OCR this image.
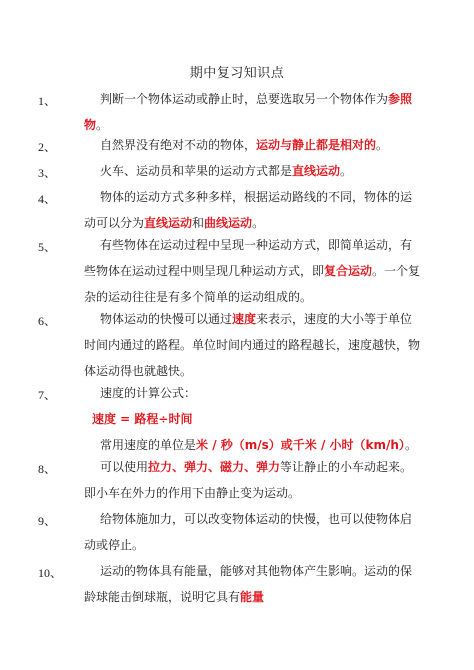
期中复习知识点
1、	判断一个物体运动或静止时，总要选取另一个物体作为参照
物。
2、	自然界没有绝对不动的物体，运动与静止都是相对的。
3、	火车、运动员和苹果的运动方式都是直线运动。
4、	物体的运动方式多种多样，根据运动路线的不同，物体的运
动可以分为直线运动和曲线运动。
5、	有些物体在运动过程中呈现一种运动方式，即简单运动，有
些物体在运动过程中则呈现几种运动方式，即复合运动。一个复
杂的运动往往是有多个简单的运动组成的。
6、	物体运动的快慢可以通过速度来表示，速度的大小等于单位
时间内通过的路程。单位时间内通过的路程越长，速度越快，物
体运动得也就越快。
7、	速度的计算公式：
速度 = 路程÷时间
常用速度的单位是米 / 秒（m/s）或千米 / 小时（km/h）。
8、	可以使用拉力、弹力、磁力、弹力等让静止的小车动起来。
即小车在外力的作用下由静止变为运动。
9、	给物体施加力，可以改变物体运动的快慢，也可以使物体启
动或停止。
10、	运动的物体具有能量，能够对其他物体产生影响。运动的保
龄球能击倒球瓶，说明它具有能量
